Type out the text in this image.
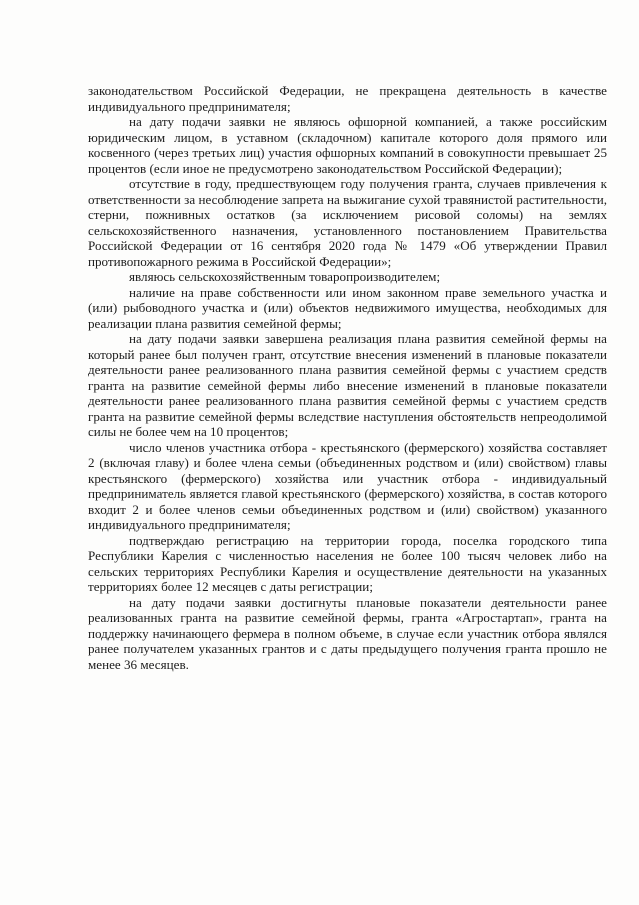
законодательством Российской Федерации, не прекращена деятельность в качестве индивидуального предпринимателя;

на дату подачи заявки не являюсь офшорной компанией, а также российским юридическим лицом, в уставном (складочном) капитале которого доля прямого или косвенного (через третьих лиц) участия офшорных компаний в совокупности превышает 25 процентов (если иное не предусмотрено законодательством Российской Федерации);

отсутствие в году, предшествующем году получения гранта, случаев привлечения к ответственности за несоблюдение запрета на выжигание сухой травянистой растительности, стерни, пожнивных остатков (за исключением рисовой соломы) на землях сельскохозяйственного назначения, установленного постановлением Правительства Российской Федерации от 16 сентября 2020 года № 1479 «Об утверждении Правил противопожарного режима в Российской Федерации»;

являюсь сельскохозяйственным товаропроизводителем;

наличие на праве собственности или ином законном праве земельного участка и (или) рыбоводного участка и (или) объектов недвижимого имущества, необходимых для реализации плана развития семейной фермы;

на дату подачи заявки завершена реализация плана развития семейной фермы на который ранее был получен грант, отсутствие внесения изменений в плановые показатели деятельности ранее реализованного плана развития семейной фермы с участием средств гранта на развитие семейной фермы либо внесение изменений в плановые показатели деятельности ранее реализованного плана развития семейной фермы с участием средств гранта на развитие семейной фермы вследствие наступления обстоятельств непреодолимой силы не более чем на 10 процентов;

число членов участника отбора - крестьянского (фермерского) хозяйства составляет 2 (включая главу) и более члена семьи (объединенных родством и (или) свойством) главы крестьянского (фермерского) хозяйства или участник отбора - индивидуальный предприниматель является главой крестьянского (фермерского) хозяйства, в состав которого входит 2 и более членов семьи объединенных родством и (или) свойством) указанного индивидуального предпринимателя;

подтверждаю регистрацию на территории города, поселка городского типа Республики Карелия с численностью населения не более 100 тысяч человек либо на сельских территориях Республики Карелия и осуществление деятельности на указанных территориях более 12 месяцев с даты регистрации;

на дату подачи заявки достигнуты плановые показатели деятельности ранее реализованных гранта на развитие семейной фермы, гранта «Агростартап», гранта на поддержку начинающего фермера в полном объеме, в случае если участник отбора являлся ранее получателем указанных грантов и с даты предыдущего получения гранта прошло не менее 36 месяцев.
